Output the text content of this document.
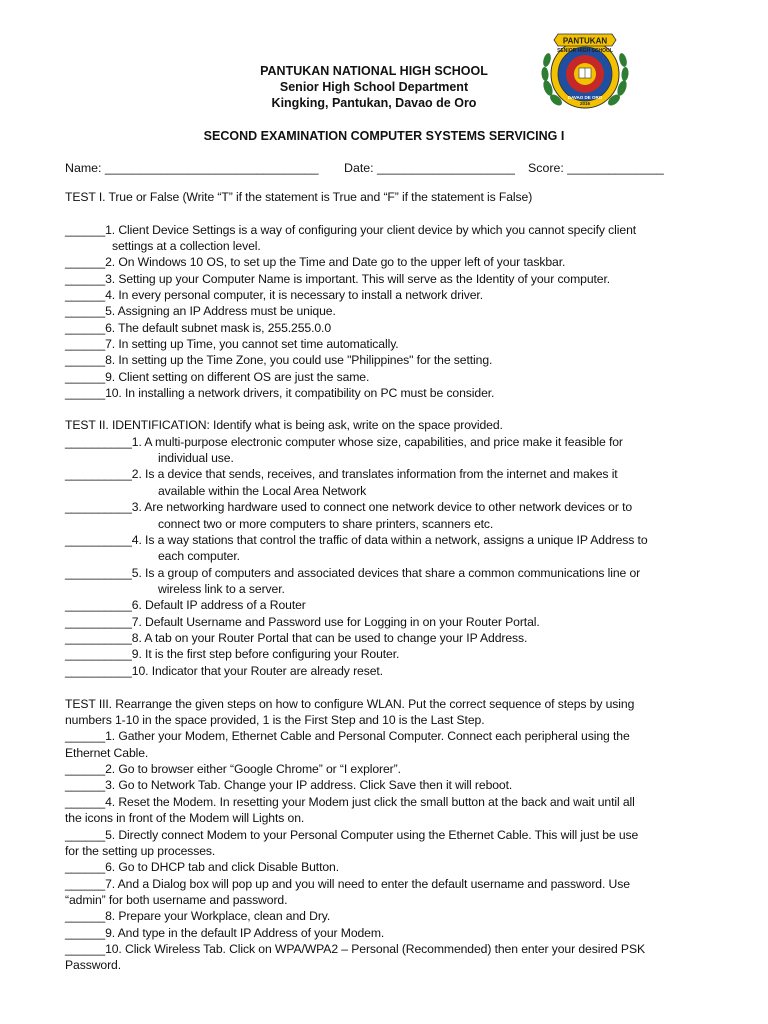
PANTUKAN NATIONAL HIGH SCHOOL
Senior High School Department
Kingking, Pantukan, Davao de Oro
SECOND EXAMINATION COMPUTER SYSTEMS SERVICING I
SENIOR HIGH SCHOOL
DAVAO DE ORO
2016
PANTUKAN
Name: _______________________________ Date: ____________________ Score: ______________
TEST I. True or False (Write “T” if the statement is True and “F” if the statement is False)
______1. Client Device Settings is a way of configuring your client device by which you cannot specify client
settings at a collection level.
______2. On Windows 10 OS, to set up the Time and Date go to the upper left of your taskbar.
______3. Setting up your Computer Name is important. This will serve as the Identity of your computer.
______4. In every personal computer, it is necessary to install a network driver.
______5. Assigning an IP Address must be unique.
______6. The default subnet mask is, 255.255.0.0
______7. In setting up Time, you cannot set time automatically.
______8. In setting up the Time Zone, you could use "Philippines" for the setting.
______9. Client setting on different OS are just the same.
______10. In installing a network drivers, it compatibility on PC must be consider.
TEST II. IDENTIFICATION: Identify what is being ask, write on the space provided.
__________1. A multi-purpose electronic computer whose size, capabilities, and price make it feasible for
individual use.
__________2. Is a device that sends, receives, and translates information from the internet and makes it
available within the Local Area Network
__________3. Are networking hardware used to connect one network device to other network devices or to
connect two or more computers to share printers, scanners etc.
__________4. Is a way stations that control the traffic of data within a network, assigns a unique IP Address to
each computer.
__________5. Is a group of computers and associated devices that share a common communications line or
wireless link to a server.
__________6. Default IP address of a Router
__________7. Default Username and Password use for Logging in on your Router Portal.
__________8. A tab on your Router Portal that can be used to change your IP Address.
__________9. It is the first step before configuring your Router.
__________10. Indicator that your Router are already reset.
TEST III. Rearrange the given steps on how to configure WLAN. Put the correct sequence of steps by using
numbers 1-10 in the space provided, 1 is the First Step and 10 is the Last Step.
______1. Gather your Modem, Ethernet Cable and Personal Computer. Connect each peripheral using the
Ethernet Cable.
______2. Go to browser either “Google Chrome” or “I explorer”.
______3. Go to Network Tab. Change your IP address. Click Save then it will reboot.
______4. Reset the Modem. In resetting your Modem just click the small button at the back and wait until all
the icons in front of the Modem will Lights on.
______5. Directly connect Modem to your Personal Computer using the Ethernet Cable. This will just be use
for the setting up processes.
______6. Go to DHCP tab and click Disable Button.
______7. And a Dialog box will pop up and you will need to enter the default username and password. Use
“admin” for both username and password.
______8. Prepare your Workplace, clean and Dry.
______9. And type in the default IP Address of your Modem.
______10. Click Wireless Tab. Click on WPA/WPA2 – Personal (Recommended) then enter your desired PSK
Password.
